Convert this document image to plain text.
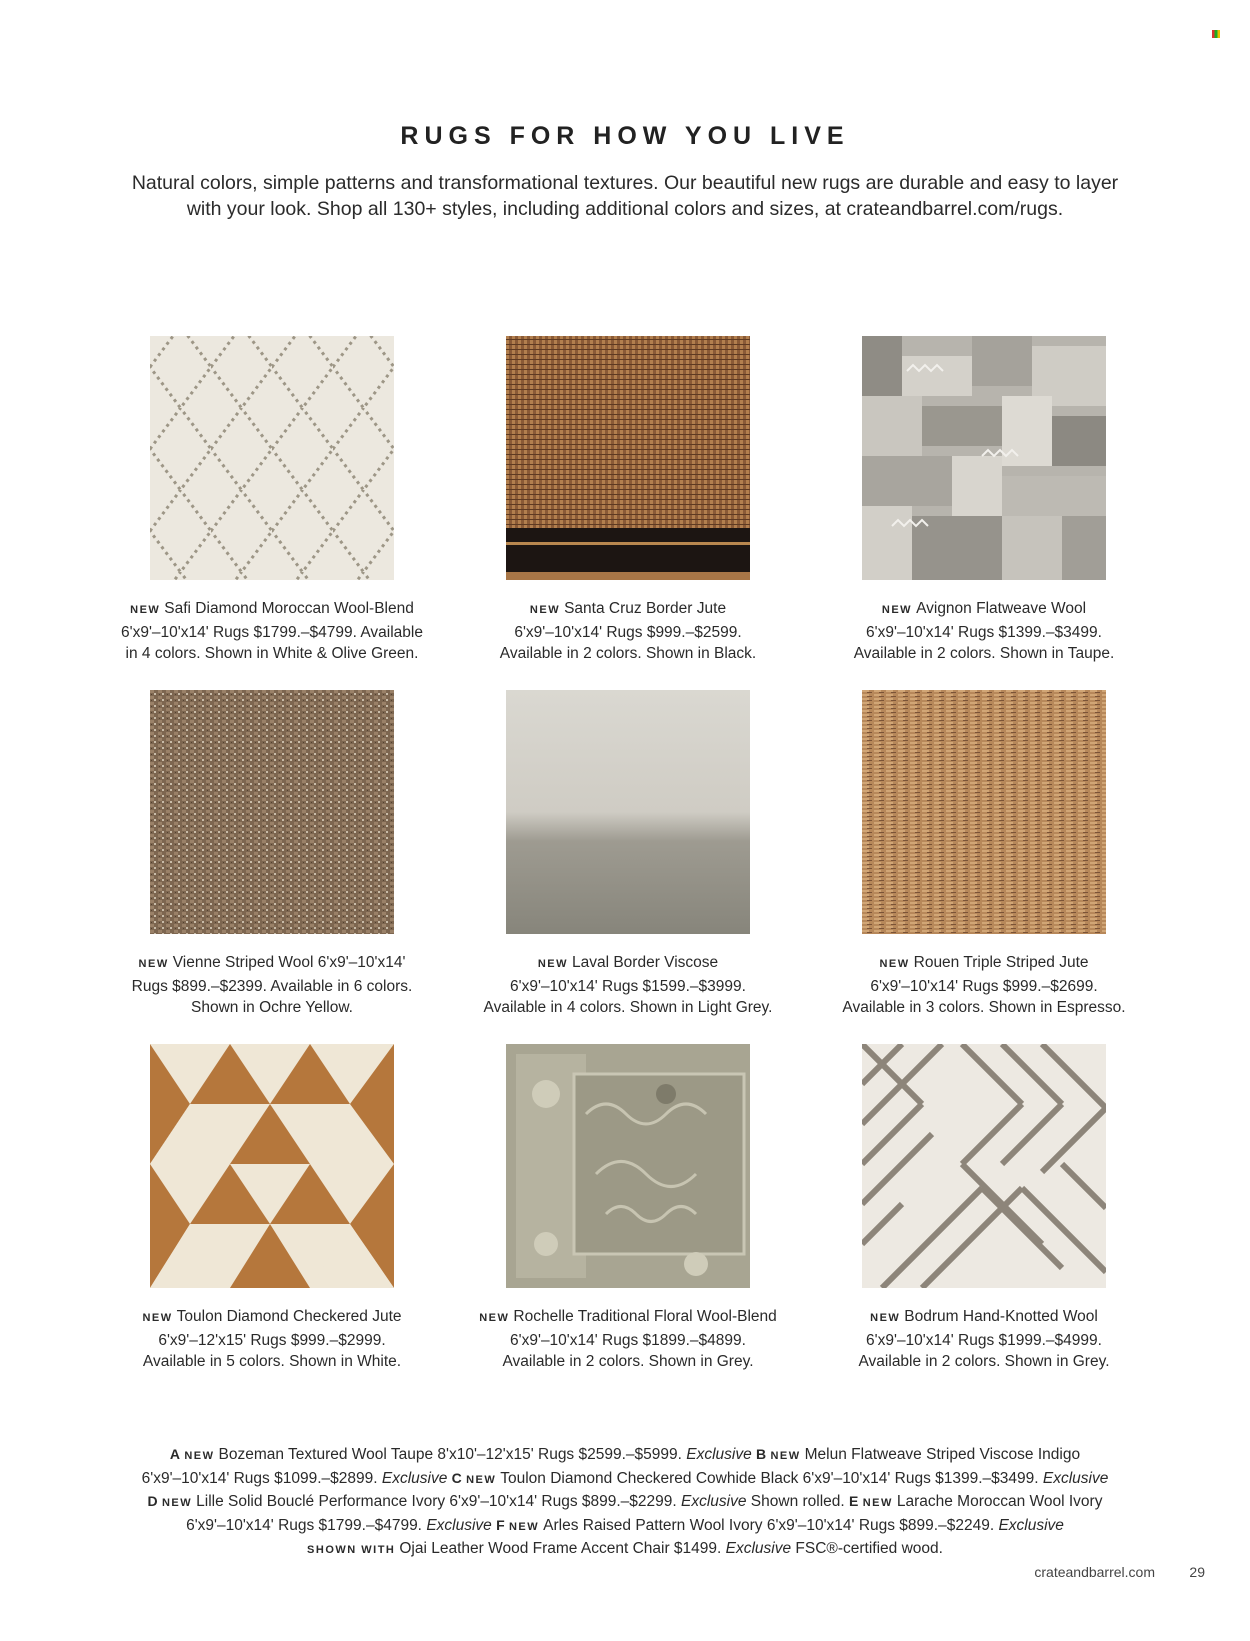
RUGS FOR HOW YOU LIVE

Natural colors, simple patterns and transformational textures. Our beautiful new rugs are durable and easy to layer

with your look. Shop all 130+ styles, including additional colors and sizes, at crateandbarrel.com/rugs.

NEW Safi Diamond Moroccan Wool-Blend

6'x9'–10'x14' Rugs $1799.–$4799. Available

in 4 colors. Shown in White & Olive Green.

NEW Santa Cruz Border Jute

6'x9'–10'x14' Rugs $999.–$2599.

Available in 2 colors. Shown in Black.

NEW Avignon Flatweave Wool

6'x9'–10'x14' Rugs $1399.–$3499.

Available in 2 colors. Shown in Taupe.

NEW Vienne Striped Wool 6'x9'–10'x14'

Rugs $899.–$2399. Available in 6 colors.

Shown in Ochre Yellow.

NEW Laval Border Viscose

6'x9'–10'x14' Rugs $1599.–$3999.

Available in 4 colors. Shown in Light Grey.

NEW Rouen Triple Striped Jute

6'x9'–10'x14' Rugs $999.–$2699.

Available in 3 colors. Shown in Espresso.

NEW Toulon Diamond Checkered Jute

6'x9'–12'x15' Rugs $999.–$2999.

Available in 5 colors. Shown in White.

NEW Rochelle Traditional Floral Wool-Blend

6'x9'–10'x14' Rugs $1899.–$4899.

Available in 2 colors. Shown in Grey.

NEW Bodrum Hand-Knotted Wool

6'x9'–10'x14' Rugs $1999.–$4999.

Available in 2 colors. Shown in Grey.

A NEW Bozeman Textured Wool Taupe 8'x10'–12'x15' Rugs $2599.–$5999. Exclusive B NEW Melun Flatweave Striped Viscose Indigo

6'x9'–10'x14' Rugs $1099.–$2899. Exclusive C NEW Toulon Diamond Checkered Cowhide Black 6'x9'–10'x14' Rugs $1399.–$3499. Exclusive

D NEW Lille Solid Bouclé Performance Ivory 6'x9'–10'x14' Rugs $899.–$2299. Exclusive Shown rolled. E NEW Larache Moroccan Wool Ivory

6'x9'–10'x14' Rugs $1799.–$4799. Exclusive F NEW Arles Raised Pattern Wool Ivory 6'x9'–10'x14' Rugs $899.–$2249. Exclusive

SHOWN WITH Ojai Leather Wood Frame Accent Chair $1499. Exclusive FSC®-certified wood.

crateandbarrel.com 29
